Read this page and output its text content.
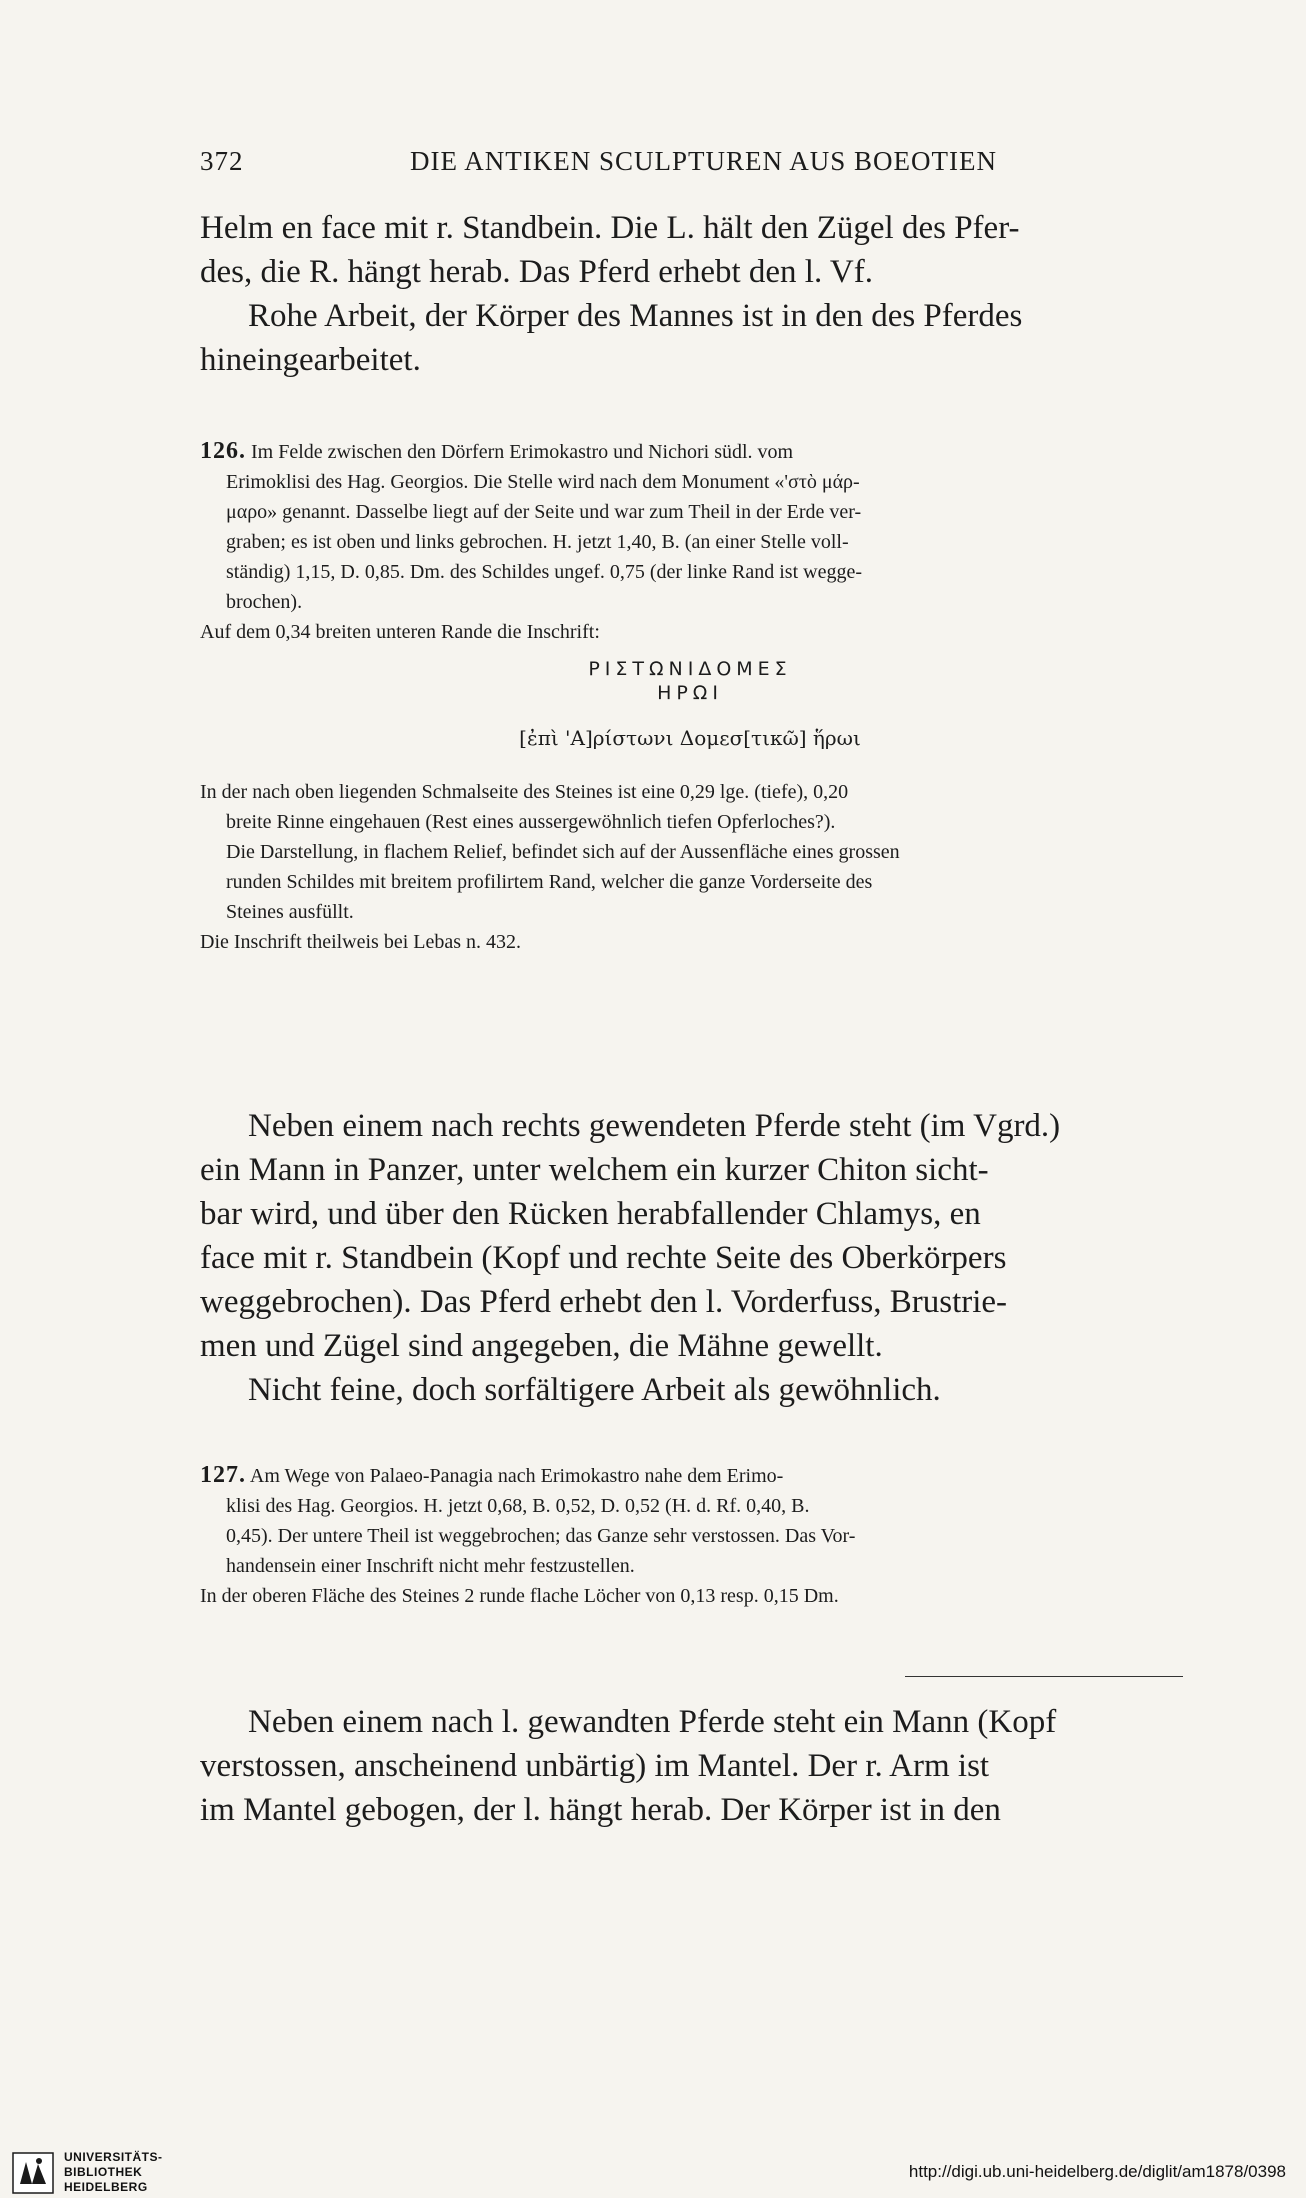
372	DIE ANTIKEN SCULPTUREN AUS BOEOTIEN

Helm en face mit r. Standbein. Die L. hält den Zügel des Pfer-
des, die R. hängt herab. Das Pferd erhebt den l. Vf.

Rohe Arbeit, der Körper des Mannes ist in den des Pferdes
hineingearbeitet.

126. Im Felde zwischen den Dörfern Erimokastro und Nichori südl. vom
Erimoklisi des Hag. Georgios. Die Stelle wird nach dem Monument «'στὸ μάρ-
μαρο» genannt. Dasselbe liegt auf der Seite und war zum Theil in der Erde ver-
graben; es ist oben und links gebrochen. H. jetzt 1,40, B. (an einer Stelle voll-
ständig) 1,15, D. 0,85. Dm. des Schildes ungef. 0,75 (der linke Rand ist wegge-
brochen).
Auf dem 0,34 breiten unteren Rande die Inschrift:
ΡΙΣΤΩΝΙΔΟΜΕΣ
ΗΡΩΙ
[ἐπὶ 'Α]ρίστωνι Δομεσ[τικῶ] ἥρωι
In der nach oben liegenden Schmalseite des Steines ist eine 0,29 lge. (tiefe), 0,20
breite Rinne eingehauen (Rest eines aussergewöhnlich tiefen Opferloches?).
Die Darstellung, in flachem Relief, befindet sich auf der Aussenfläche eines grossen
runden Schildes mit breitem profilirtem Rand, welcher die ganze Vorderseite des
Steines ausfüllt.
Die Inschrift theilweis bei Lebas n. 432.

Neben einem nach rechts gewendeten Pferde steht (im Vgrd.)
ein Mann in Panzer, unter welchem ein kurzer Chiton sicht-
bar wird, und über den Rücken herabfallender Chlamys, en
face mit r. Standbein (Kopf und rechte Seite des Oberkörpers
weggebrochen). Das Pferd erhebt den l. Vorderfuss, Brustrie-
men und Zügel sind angegeben, die Mähne gewellt.
Nicht feine, doch sorfältigere Arbeit als gewöhnlich.

127. Am Wege von Palaeo-Panagia nach Erimokastro nahe dem Erimo-
klisi des Hag. Georgios. H. jetzt 0,68, B. 0,52, D. 0,52 (H. d. Rf. 0,40, B.
0,45). Der untere Theil ist weggebrochen; das Ganze sehr verstossen. Das Vor-
handensein einer Inschrift nicht mehr festzustellen.
In der oberen Fläche des Steines 2 runde flache Löcher von 0,13 resp. 0,15 Dm.

Neben einem nach l. gewandten Pferde steht ein Mann (Kopf
verstossen, anscheinend unbärtig) im Mantel. Der r. Arm ist
im Mantel gebogen, der l. hängt herab. Der Körper ist in den

UNIVERSITÄTS-
BIBLIOTHEK
HEIDELBERG
http://digi.ub.uni-heidelberg.de/diglit/am1878/0398
